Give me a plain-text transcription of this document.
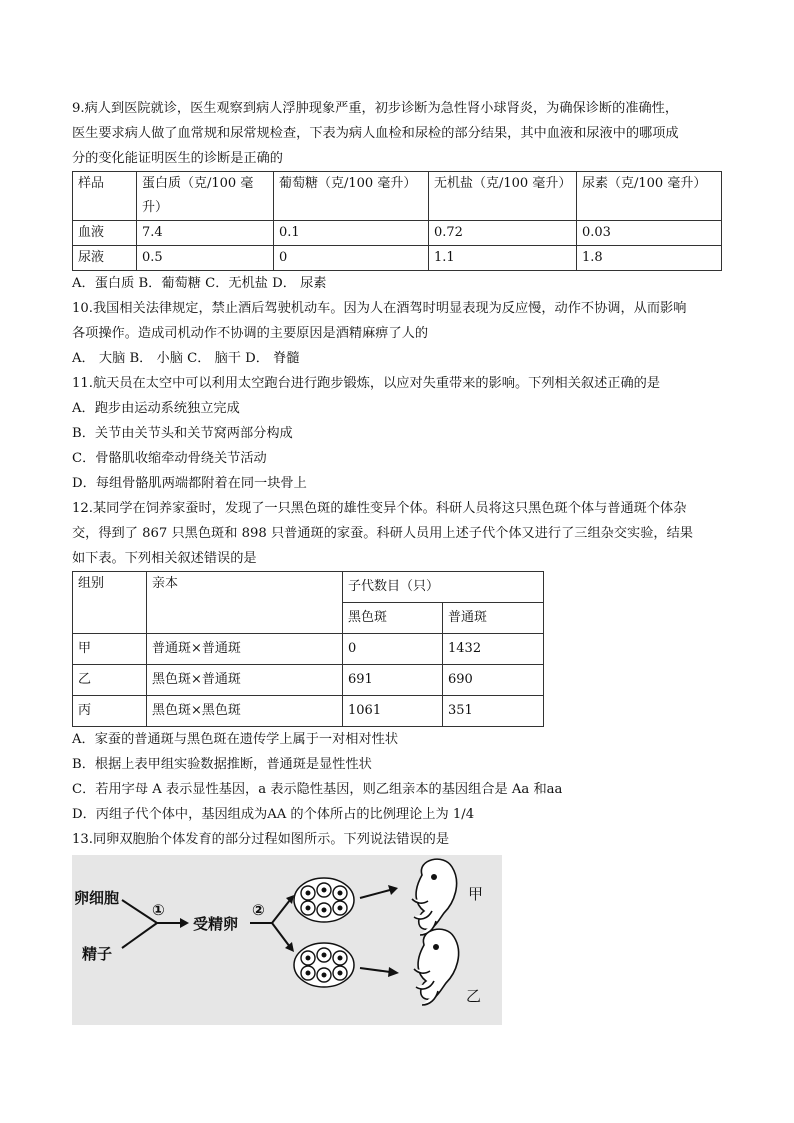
9.病人到医院就诊，医生观察到病人浮肿现象严重，初步诊断为急性肾小球肾炎，为确保诊断的准确性，

医生要求病人做了血常规和尿常规检查，下表为病人血检和尿检的部分结果，其中血液和尿液中的哪项成

分的变化能证明医生的诊断是正确的

样品	蛋白质（克/100 毫升）	葡萄糖（克/100 毫升）	无机盐（克/100 毫升）	尿素（克/100 毫升）
血液	7.4	0.1	0.72	0.03
尿液	0.5	0	1.1	1.8

A．蛋白质 B．葡萄糖 C．无机盐 D． 尿素

10.我国相关法律规定，禁止酒后驾驶机动车。因为人在酒驾时明显表现为反应慢，动作不协调，从而影响

各项操作。造成司机动作不协调的主要原因是酒精麻痹了人的

A． 大脑 B． 小脑 C． 脑干 D． 脊髓

11.航天员在太空中可以利用太空跑台进行跑步锻炼，以应对失重带来的影响。下列相关叙述正确的是

A．跑步由运动系统独立完成

B．关节由关节头和关节窝两部分构成

C．骨骼肌收缩牵动骨绕关节活动

D．每组骨骼肌两端都附着在同一块骨上

12.某同学在饲养家蚕时，发现了一只黑色斑的雄性变异个体。科研人员将这只黑色斑个体与普通斑个体杂

交，得到了 867 只黑色斑和 898 只普通斑的家蚕。科研人员用上述子代个体又进行了三组杂交实验，结果

如下表。下列相关叙述错误的是

组别	亲本	子代数目（只）	
		黑色斑	普通斑
甲	普通斑×普通斑	0	1432
乙	黑色斑×普通斑	691	690
丙	黑色斑×黑色斑	1061	351

A．家蚕的普通斑与黑色斑在遗传学上属于一对相对性状

B．根据上表甲组实验数据推断，普通斑是显性性状

C．若用字母 A 表示显性基因，a 表示隐性基因，则乙组亲本的基因组合是 Aa 和aa

D．丙组子代个体中，基因组成为AA 的个体所占的比例理论上为 1/4

13.同卵双胞胎个体发育的部分过程如图所示。下列说法错误的是

卵细胞
精子
①
受精卵
②
甲
乙
